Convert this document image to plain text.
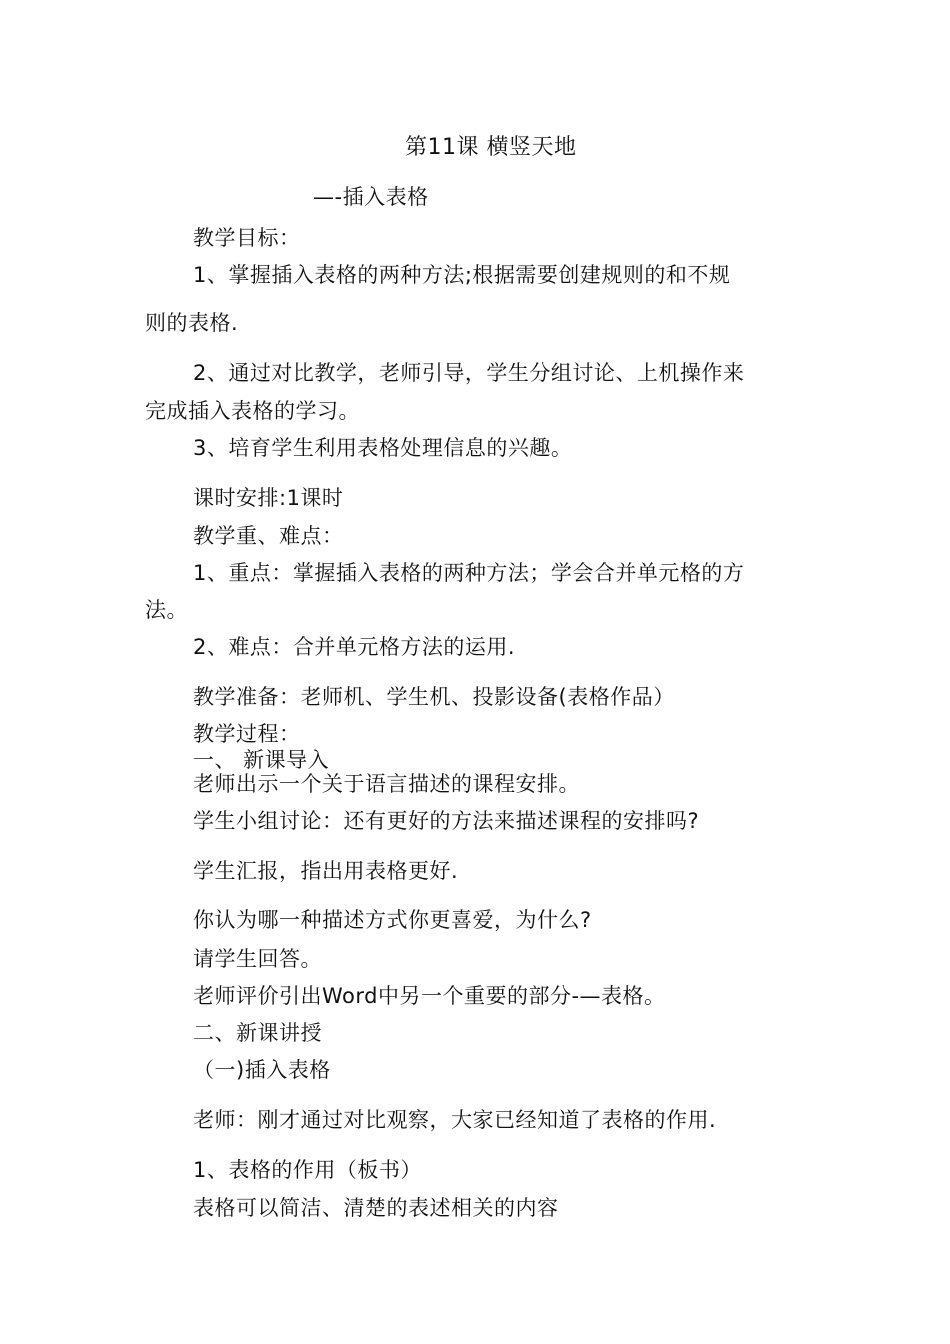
第11课 横竖天地
—-插入表格
教学目标：
1、掌握插入表格的两种方法;根据需要创建规则的和不规
则的表格.
2、通过对比教学，老师引导，学生分组讨论、上机操作来
完成插入表格的学习。
3、培育学生利用表格处理信息的兴趣。
课时安排:1课时
教学重、难点：
1、重点：掌握插入表格的两种方法；学会合并单元格的方
法。
2、难点：合并单元格方法的运用.
教学准备：老师机、学生机、投影设备(表格作品）
教学过程：
一、 新课导入
老师出示一个关于语言描述的课程安排。
学生小组讨论：还有更好的方法来描述课程的安排吗?
学生汇报，指出用表格更好.
你认为哪一种描述方式你更喜爱，为什么?
请学生回答。
老师评价引出Word中另一个重要的部分-—表格。
二、新课讲授
（一)插入表格
老师：刚才通过对比观察，大家已经知道了表格的作用.
1、表格的作用（板书）
表格可以简洁、清楚的表述相关的内容
